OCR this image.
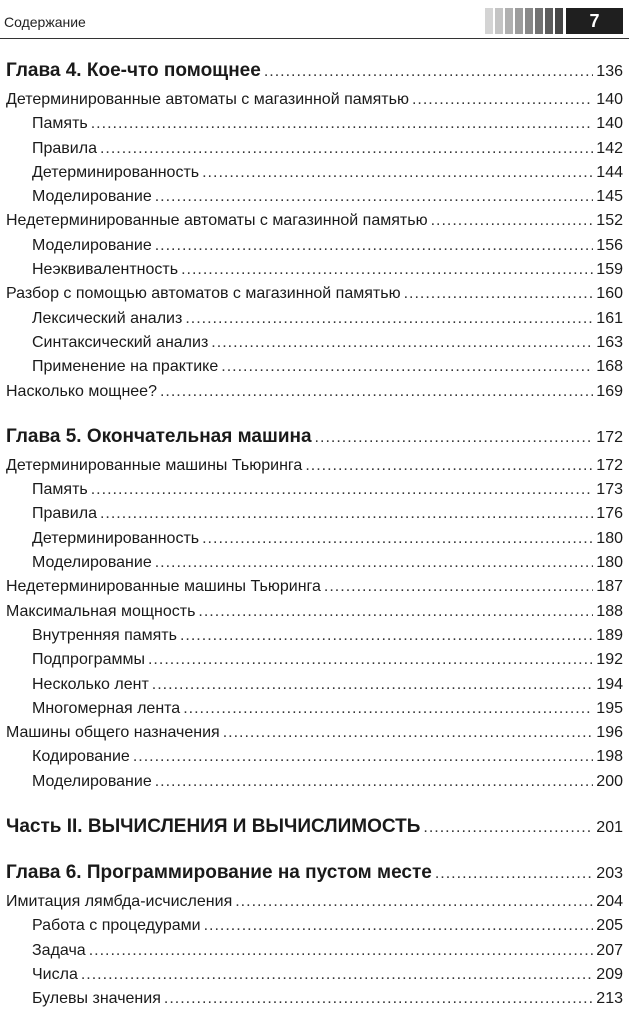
Содержание	7
Глава 4. Кое-что помощнее .....	136
Детерминированные автоматы с магазинной памятью .....	140
Память .....	140
Правила .....	142
Детерминированность .....	144
Моделирование .....	145
Недетерминированные автоматы с магазинной памятью .....	152
Моделирование .....	156
Неэквивалентность .....	159
Разбор с помощью автоматов с магазинной памятью .....	160
Лексический анализ .....	161
Синтаксический анализ .....	163
Применение на практике .....	168
Насколько мощнее? .....	169
Глава 5. Окончательная машина .....	172
Детерминированные машины Тьюринга .....	172
Память .....	173
Правила .....	176
Детерминированность .....	180
Моделирование .....	180
Недетерминированные машины Тьюринга .....	187
Максимальная мощность .....	188
Внутренняя память .....	189
Подпрограммы .....	192
Несколько лент .....	194
Многомерная лента .....	195
Машины общего назначения .....	196
Кодирование .....	198
Моделирование .....	200
Часть II. ВЫЧИСЛЕНИЯ И ВЫЧИСЛИМОСТЬ .....	201
Глава 6. Программирование на пустом месте .....	203
Имитация лямбда-исчисления .....	204
Работа с процедурами .....	205
Задача .....	207
Числа .....	209
Булевы значения .....	213
